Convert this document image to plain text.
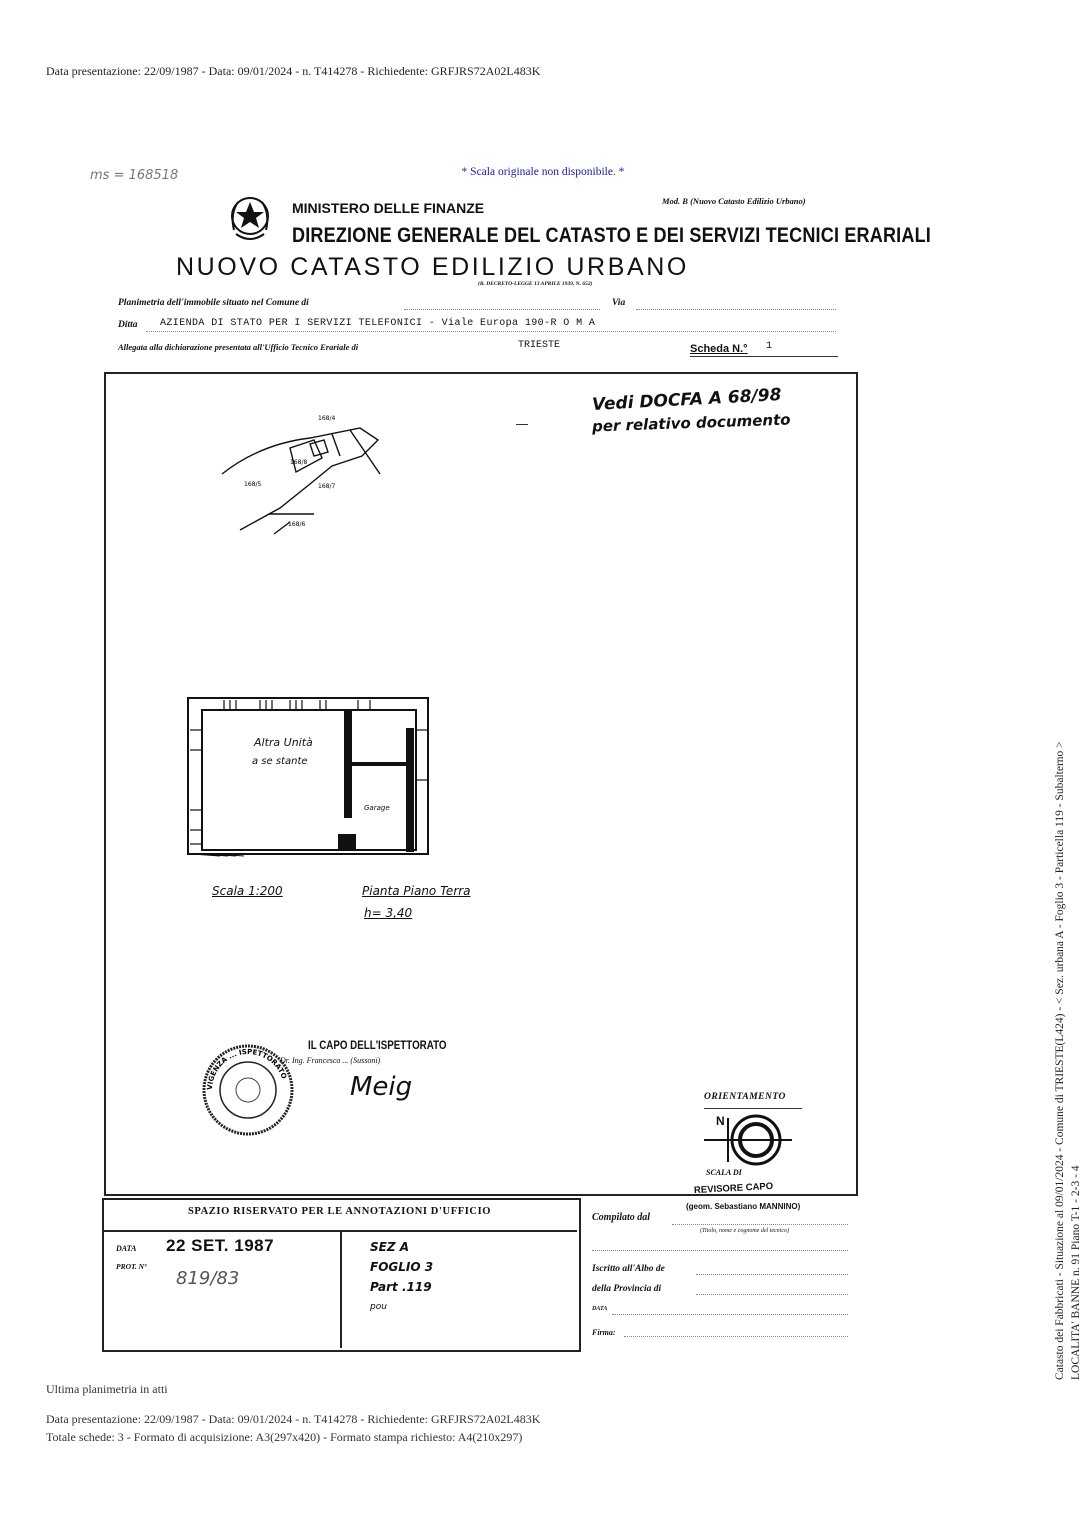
Data presentazione: 22/09/1987 - Data: 09/01/2024 - n. T414278 - Richiedente: GRFJRS72A02L483K
* Scala originale non disponibile. *
ms = 168518
Mod. B (Nuovo Catasto Edilizio Urbano)
MINISTERO DELLE FINANZE
DIREZIONE GENERALE DEL CATASTO E DEI SERVIZI TECNICI ERARIALI
NUOVO CATASTO EDILIZIO URBANO
(R. DECRETO-LEGGE 13 APRILE 1939, N. 652)
Planimetria dell'immobile situato nel Comune di	Via
Ditta AZIENDA DI STATO PER I SERVIZI TELEFONICI - Viale Europa 190-R O M A
Allegata alla dichiarazione presentata all'Ufficio Tecnico Erariale di	TRIESTE	Scheda N.° 1
Vedi DOCFA A 68/98
per relativo documento
168/4
168/8
168/5	168/7
168/6
Altra Unità
a se stante
Garage
Scala 1:200	Pianta Piano Terra
h= 3,40
VIGENZA ... ISPETTORATO
IL CAPO DELL'ISPETTORATO
Dr. Ing. Francesco ... (Sussoni)
Meig	ORIENTAMENTO
N
SCALA DI
REVISORE CAPO
SPAZIO RISERVATO PER LE ANNOTAZIONI D'UFFICIO
DATA 22 SET. 1987
PROT. N°
819/83
SEZ A
FOGLIO 3
Part .119
pou
Compilato dal
(geom. Sebastiano MANNINO)
(Titolo, nome e cognome del tecnico)
Iscritto all'Albo de
della Provincia di
DATA
Firma:	Catasto dei Fabbricati - Situazione al 09/01/2024 - Comune di TRIESTE(L424) - < Sez. urbana A - Foglio 3 - Particella 119 - Subalterno > LOCALITA' BANNE n. 91 Piano T-1 - 2-3 - 4
Ultima planimetria in atti
Data presentazione: 22/09/1987 - Data: 09/01/2024 - n. T414278 - Richiedente: GRFJRS72A02L483K
Totale schede: 3 - Formato di acquisizione: A3(297x420) - Formato stampa richiesto: A4(210x297)
